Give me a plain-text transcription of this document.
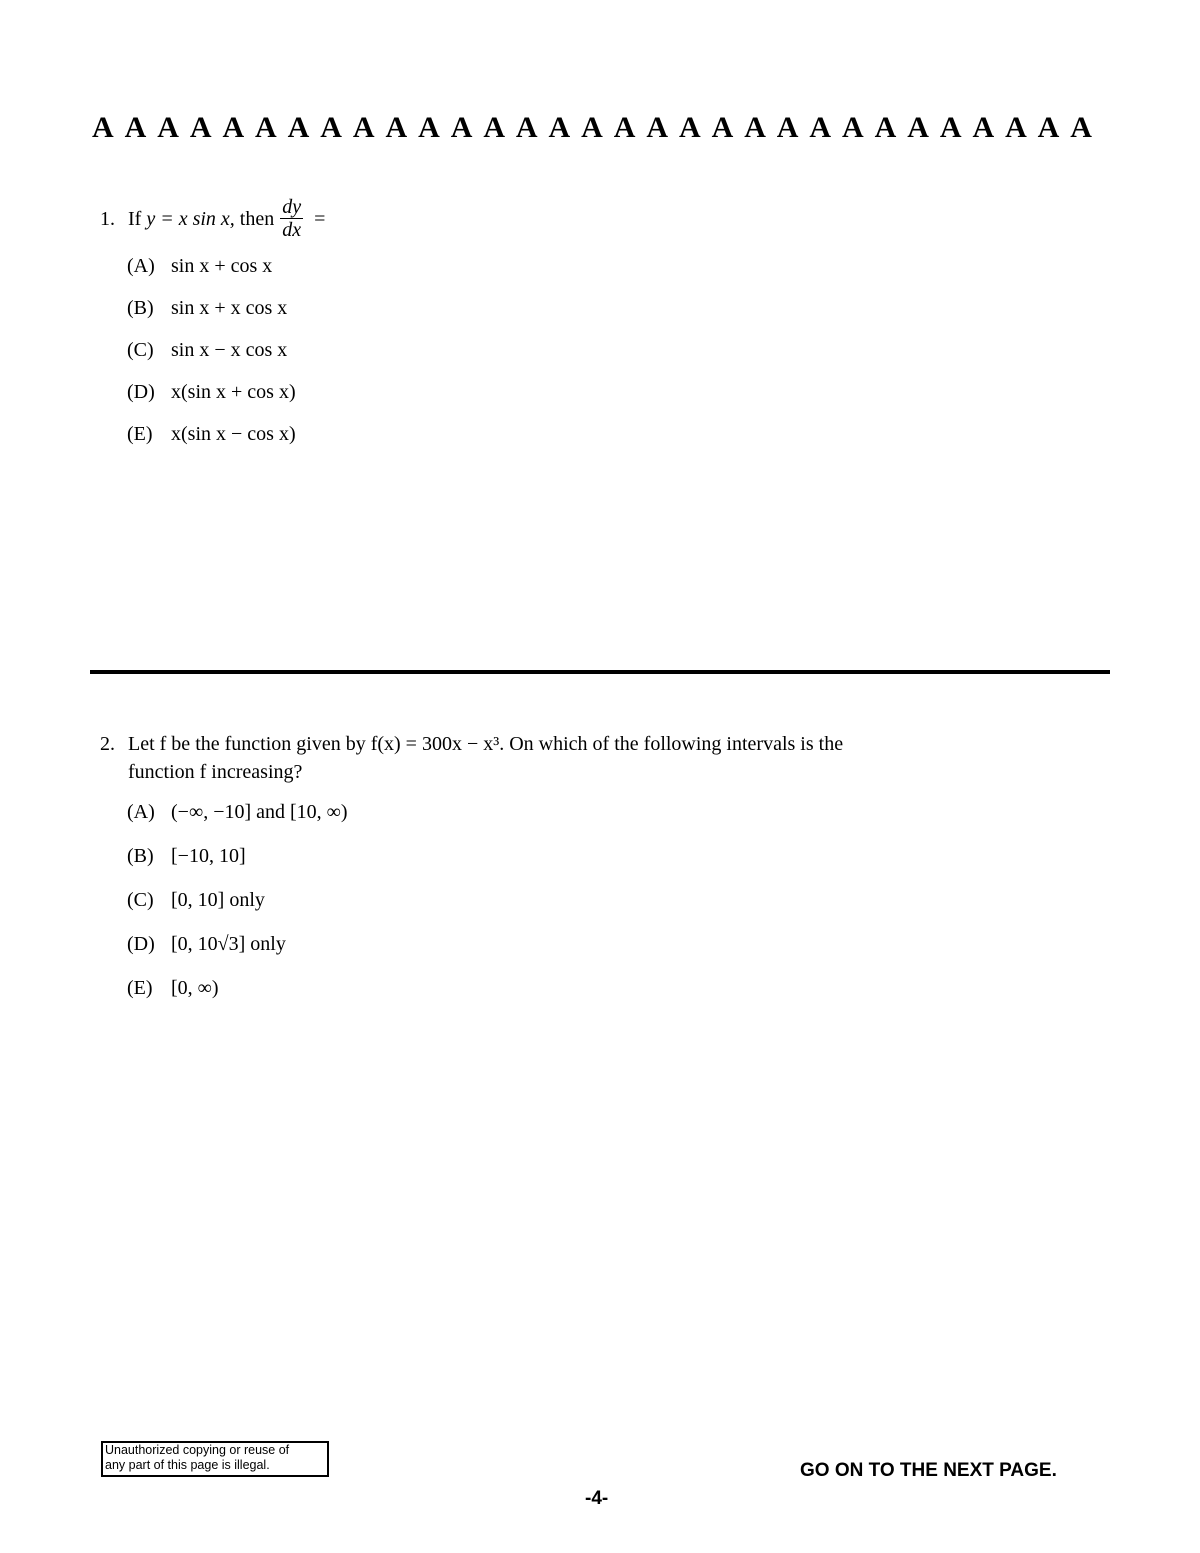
A A A A A A A A A A A A A A A A A A A A A A A A A A A A A A A
1. If y = x sin x, then $\frac{dy}{dx}$ =
(A) sin x + cos x
(B) sin x + x cos x
(C) sin x − x cos x
(D) x(sin x + cos x)
(E) x(sin x − cos x)
2. Let f be the function given by f(x) = 300x − x³. On which of the following intervals is the
function f increasing?
(A) (−∞, −10] and [10, ∞)
(B) [−10, 10]
(C) [0, 10] only
(D) [0, 10√3] only
(E) [0, ∞)
Unauthorized copying or reuse of
any part of this page is illegal.	GO ON TO THE NEXT PAGE.
-4-
